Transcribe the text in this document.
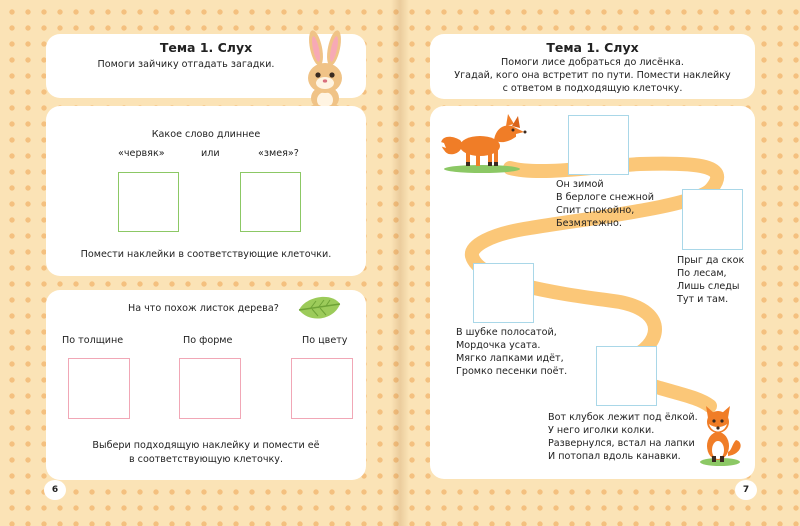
Тема 1. Слух
Помоги зайчику отгадать загадки.
Какое слово длиннее
«червяк»	или	«змея»?
Помести наклейки в соответствующие клеточки.
На что похож листок дерева?
По толщине	По форме	По цвету
Выбери подходящую наклейку и помести её
в соответствующую клеточку.
6
Тема 1. Слух
Помоги лисе добраться до лисёнка.
Угадай, кого она встретит по пути. Помести наклейку
с ответом в подходящую клеточку.
Он зимой
В берлоге снежной
Спит спокойно,
Безмятежно.
Прыг да скок
По лесам,
Лишь следы
Тут и там.
В шубке полосатой,
Мордочка усата.
Мягко лапками идёт,
Громко песенки поёт.
Вот клубок лежит под ёлкой.
У него иголки колки.
Развернулся, встал на лапки
И потопал вдоль канавки.
7
